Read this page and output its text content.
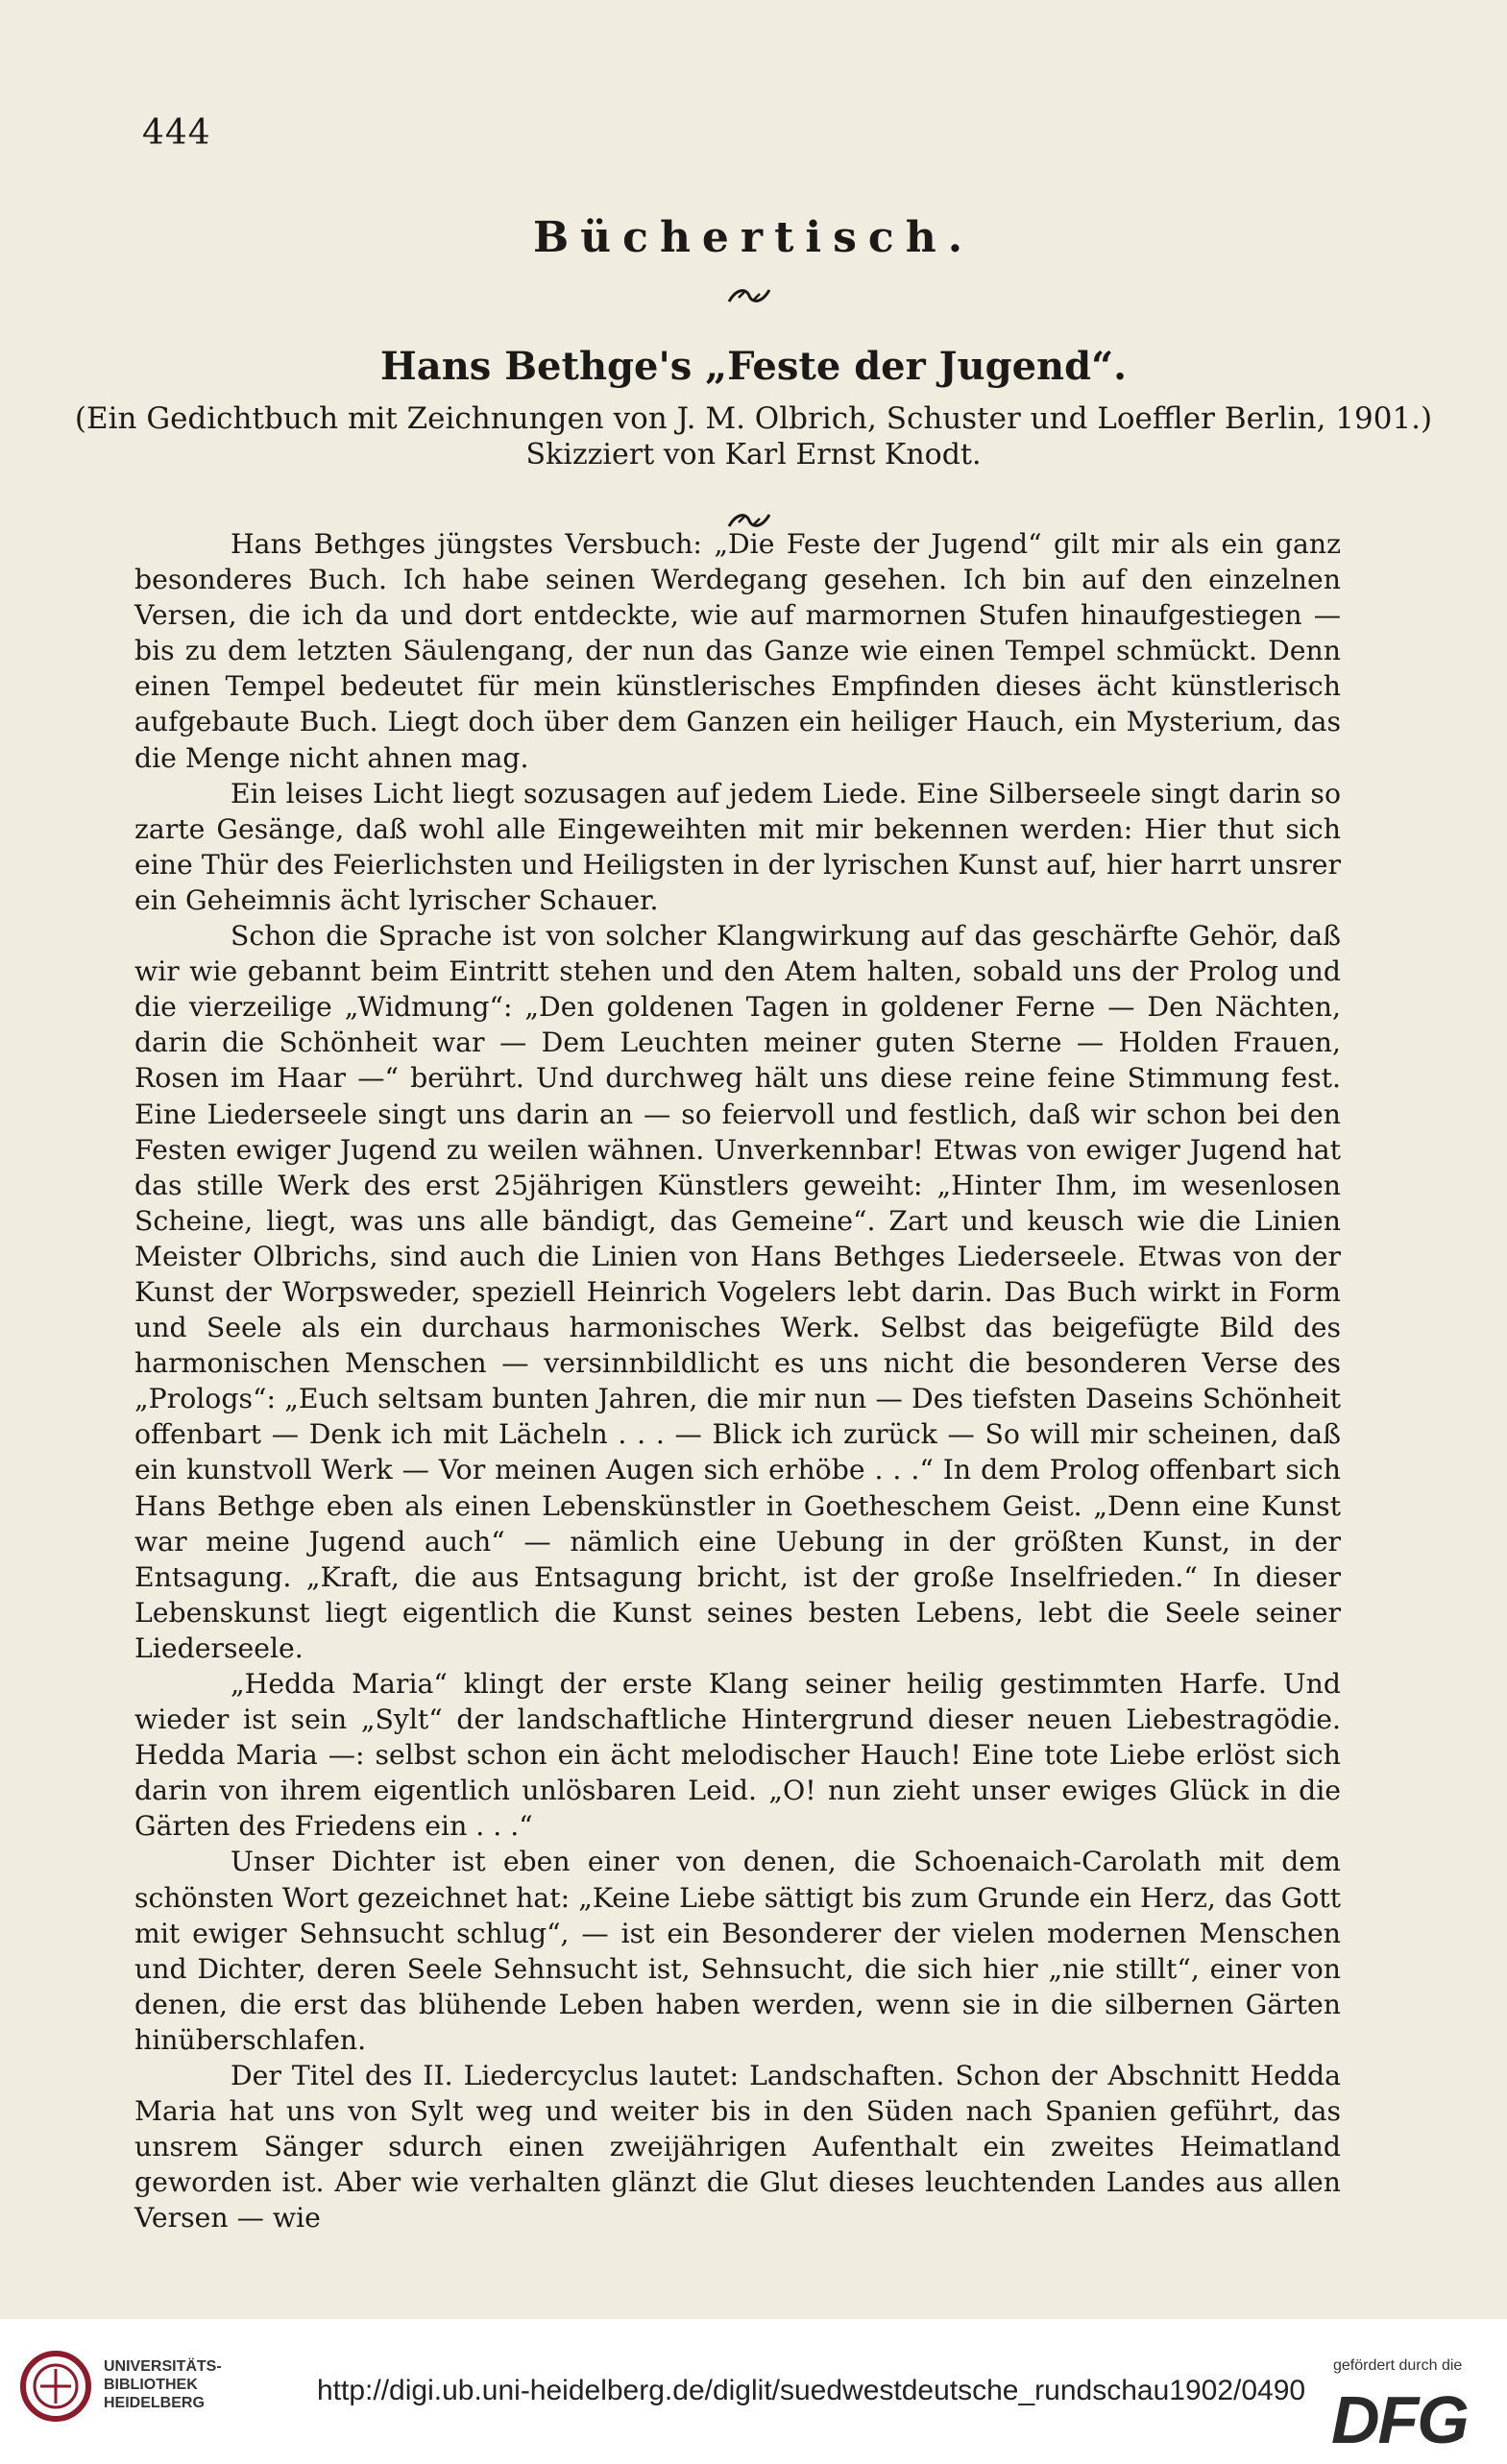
444
Büchertisch.
Hans Bethge's „Feste der Jugend“.
(Ein Gedichtbuch mit Zeichnungen von J. M. Olbrich, Schuster und Loeffler Berlin, 1901.)
Skizziert von Karl Ernst Knodt.

Hans Bethges jüngstes Versbuch: „Die Feste der Jugend“ gilt mir als ein ganz besonderes Buch. Ich habe seinen Werdegang gesehen. Ich bin auf den einzelnen Versen, die ich da und dort entdeckte, wie auf marmornen Stufen hinaufgestiegen — bis zu dem letzten Säulengang, der nun das Ganze wie einen Tempel schmückt. Denn einen Tempel bedeutet für mein künstlerisches Empfinden dieses ächt künstlerisch aufgebaute Buch. Liegt doch über dem Ganzen ein heiliger Hauch, ein Mysterium, das die Menge nicht ahnen mag.

Ein leises Licht liegt sozusagen auf jedem Liede. Eine Silberseele singt darin so zarte Gesänge, daß wohl alle Eingeweihten mit mir bekennen werden: Hier thut sich eine Thür des Feierlichsten und Heiligsten in der lyrischen Kunst auf, hier harrt unsrer ein Geheimnis ächt lyrischer Schauer.

Schon die Sprache ist von solcher Klangwirkung auf das geschärfte Gehör, daß wir wie gebannt beim Eintritt stehen und den Atem halten, sobald uns der Prolog und die vierzeilige „Widmung“: „Den goldenen Tagen in goldener Ferne — Den Nächten, darin die Schönheit war — Dem Leuchten meiner guten Sterne — Holden Frauen, Rosen im Haar —“ berührt. Und durchweg hält uns diese reine feine Stimmung fest. Eine Liederseele singt uns darin an — so feiervoll und festlich, daß wir schon bei den Festen ewiger Jugend zu weilen wähnen. Unverkennbar! Etwas von ewiger Jugend hat das stille Werk des erst 25jährigen Künstlers geweiht: „Hinter Ihm, im wesenlosen Scheine, liegt, was uns alle bändigt, das Gemeine“. Zart und keusch wie die Linien Meister Olbrichs, sind auch die Linien von Hans Bethges Liederseele. Etwas von der Kunst der Worpsweder, speziell Heinrich Vogelers lebt darin. Das Buch wirkt in Form und Seele als ein durchaus harmonisches Werk. Selbst das beigefügte Bild des harmonischen Menschen — versinnbildlicht es uns nicht die besonderen Verse des „Prologs“: „Euch seltsam bunten Jahren, die mir nun — Des tiefsten Daseins Schönheit offenbart — Denk ich mit Lächeln . . . — Blick ich zurück — So will mir scheinen, daß ein kunstvoll Werk — Vor meinen Augen sich erhöbe . . .“ In dem Prolog offenbart sich Hans Bethge eben als einen Lebenskünstler in Goetheschem Geist. „Denn eine Kunst war meine Jugend auch“ — nämlich eine Uebung in der größten Kunst, in der Entsagung. „Kraft, die aus Entsagung bricht, ist der große Inselfrieden.“ In dieser Lebenskunst liegt eigentlich die Kunst seines besten Lebens, lebt die Seele seiner Liederseele.

„Hedda Maria“ klingt der erste Klang seiner heilig gestimmten Harfe. Und wieder ist sein „Sylt“ der landschaftliche Hintergrund dieser neuen Liebestragödie. Hedda Maria —: selbst schon ein ächt melodischer Hauch! Eine tote Liebe erlöst sich darin von ihrem eigentlich unlösbaren Leid. „O! nun zieht unser ewiges Glück in die Gärten des Friedens ein . . .“

Unser Dichter ist eben einer von denen, die Schoenaich-Carolath mit dem schönsten Wort gezeichnet hat: „Keine Liebe sättigt bis zum Grunde ein Herz, das Gott mit ewiger Sehnsucht schlug“, — ist ein Besonderer der vielen modernen Menschen und Dichter, deren Seele Sehnsucht ist, Sehnsucht, die sich hier „nie stillt“, einer von denen, die erst das blühende Leben haben werden, wenn sie in die silbernen Gärten hinüberschlafen.

Der Titel des II. Liedercyclus lautet: Landschaften. Schon der Abschnitt Hedda Maria hat uns von Sylt weg und weiter bis in den Süden nach Spanien geführt, das unsrem Sänger sdurch einen zweijährigen Aufenthalt ein zweites Heimatland geworden ist. Aber wie verhalten glänzt die Glut dieses leuchtenden Landes aus allen Versen — wie

UNIVERSITÄTS-
BIBLIOTHEK
HEIDELBERG	http://digi.ub.uni-heidelberg.de/diglit/suedwestdeutsche_rundschau1902/0490
gefördert durch die
DFG
